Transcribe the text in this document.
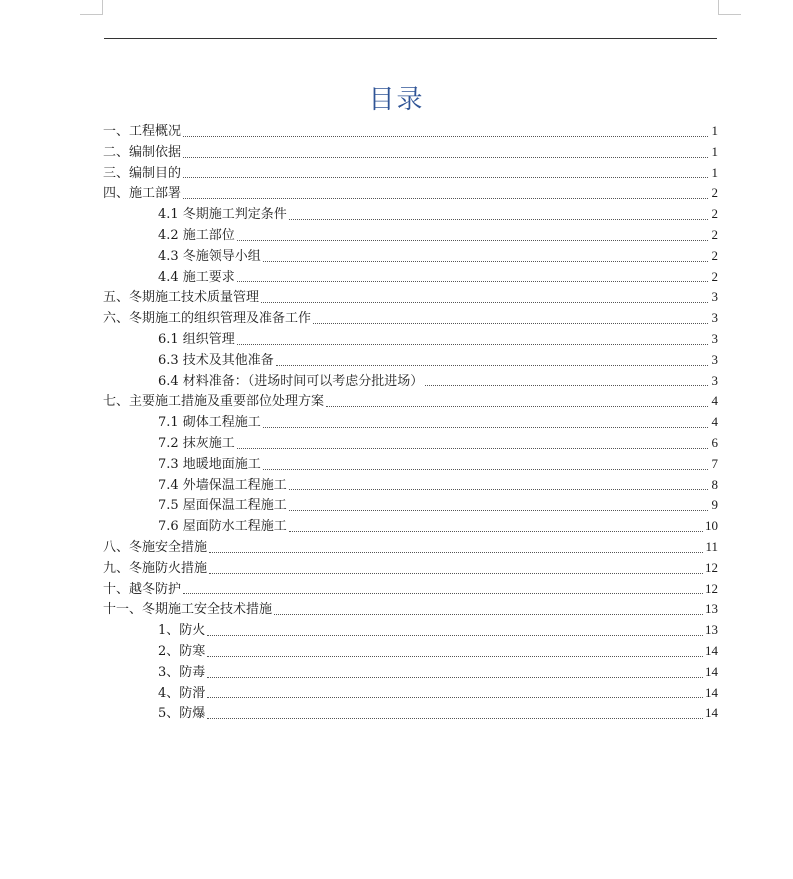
目录
一、工程概况	1
二、编制依据	1
三、编制目的	1
四、施工部署	2
4.1 冬期施工判定条件	2
4.2 施工部位	2
4.3 冬施领导小组	2
4.4 施工要求	2
五、冬期施工技术质量管理	3
六、冬期施工的组织管理及准备工作	3
6.1 组织管理	3
6.3 技术及其他准备	3
6.4 材料准备：（进场时间可以考虑分批进场）	3
七、主要施工措施及重要部位处理方案	4
7.1 砌体工程施工	4
7.2 抹灰施工	6
7.3 地暖地面施工	7
7.4 外墙保温工程施工	8
7.5 屋面保温工程施工	9
7.6 屋面防水工程施工	10
八、冬施安全措施	11
九、冬施防火措施	12
十、越冬防护	12
十一、冬期施工安全技术措施	13
1、防火	13
2、防寒	14
3、防毒	14
4、防滑	14
5、防爆	14
